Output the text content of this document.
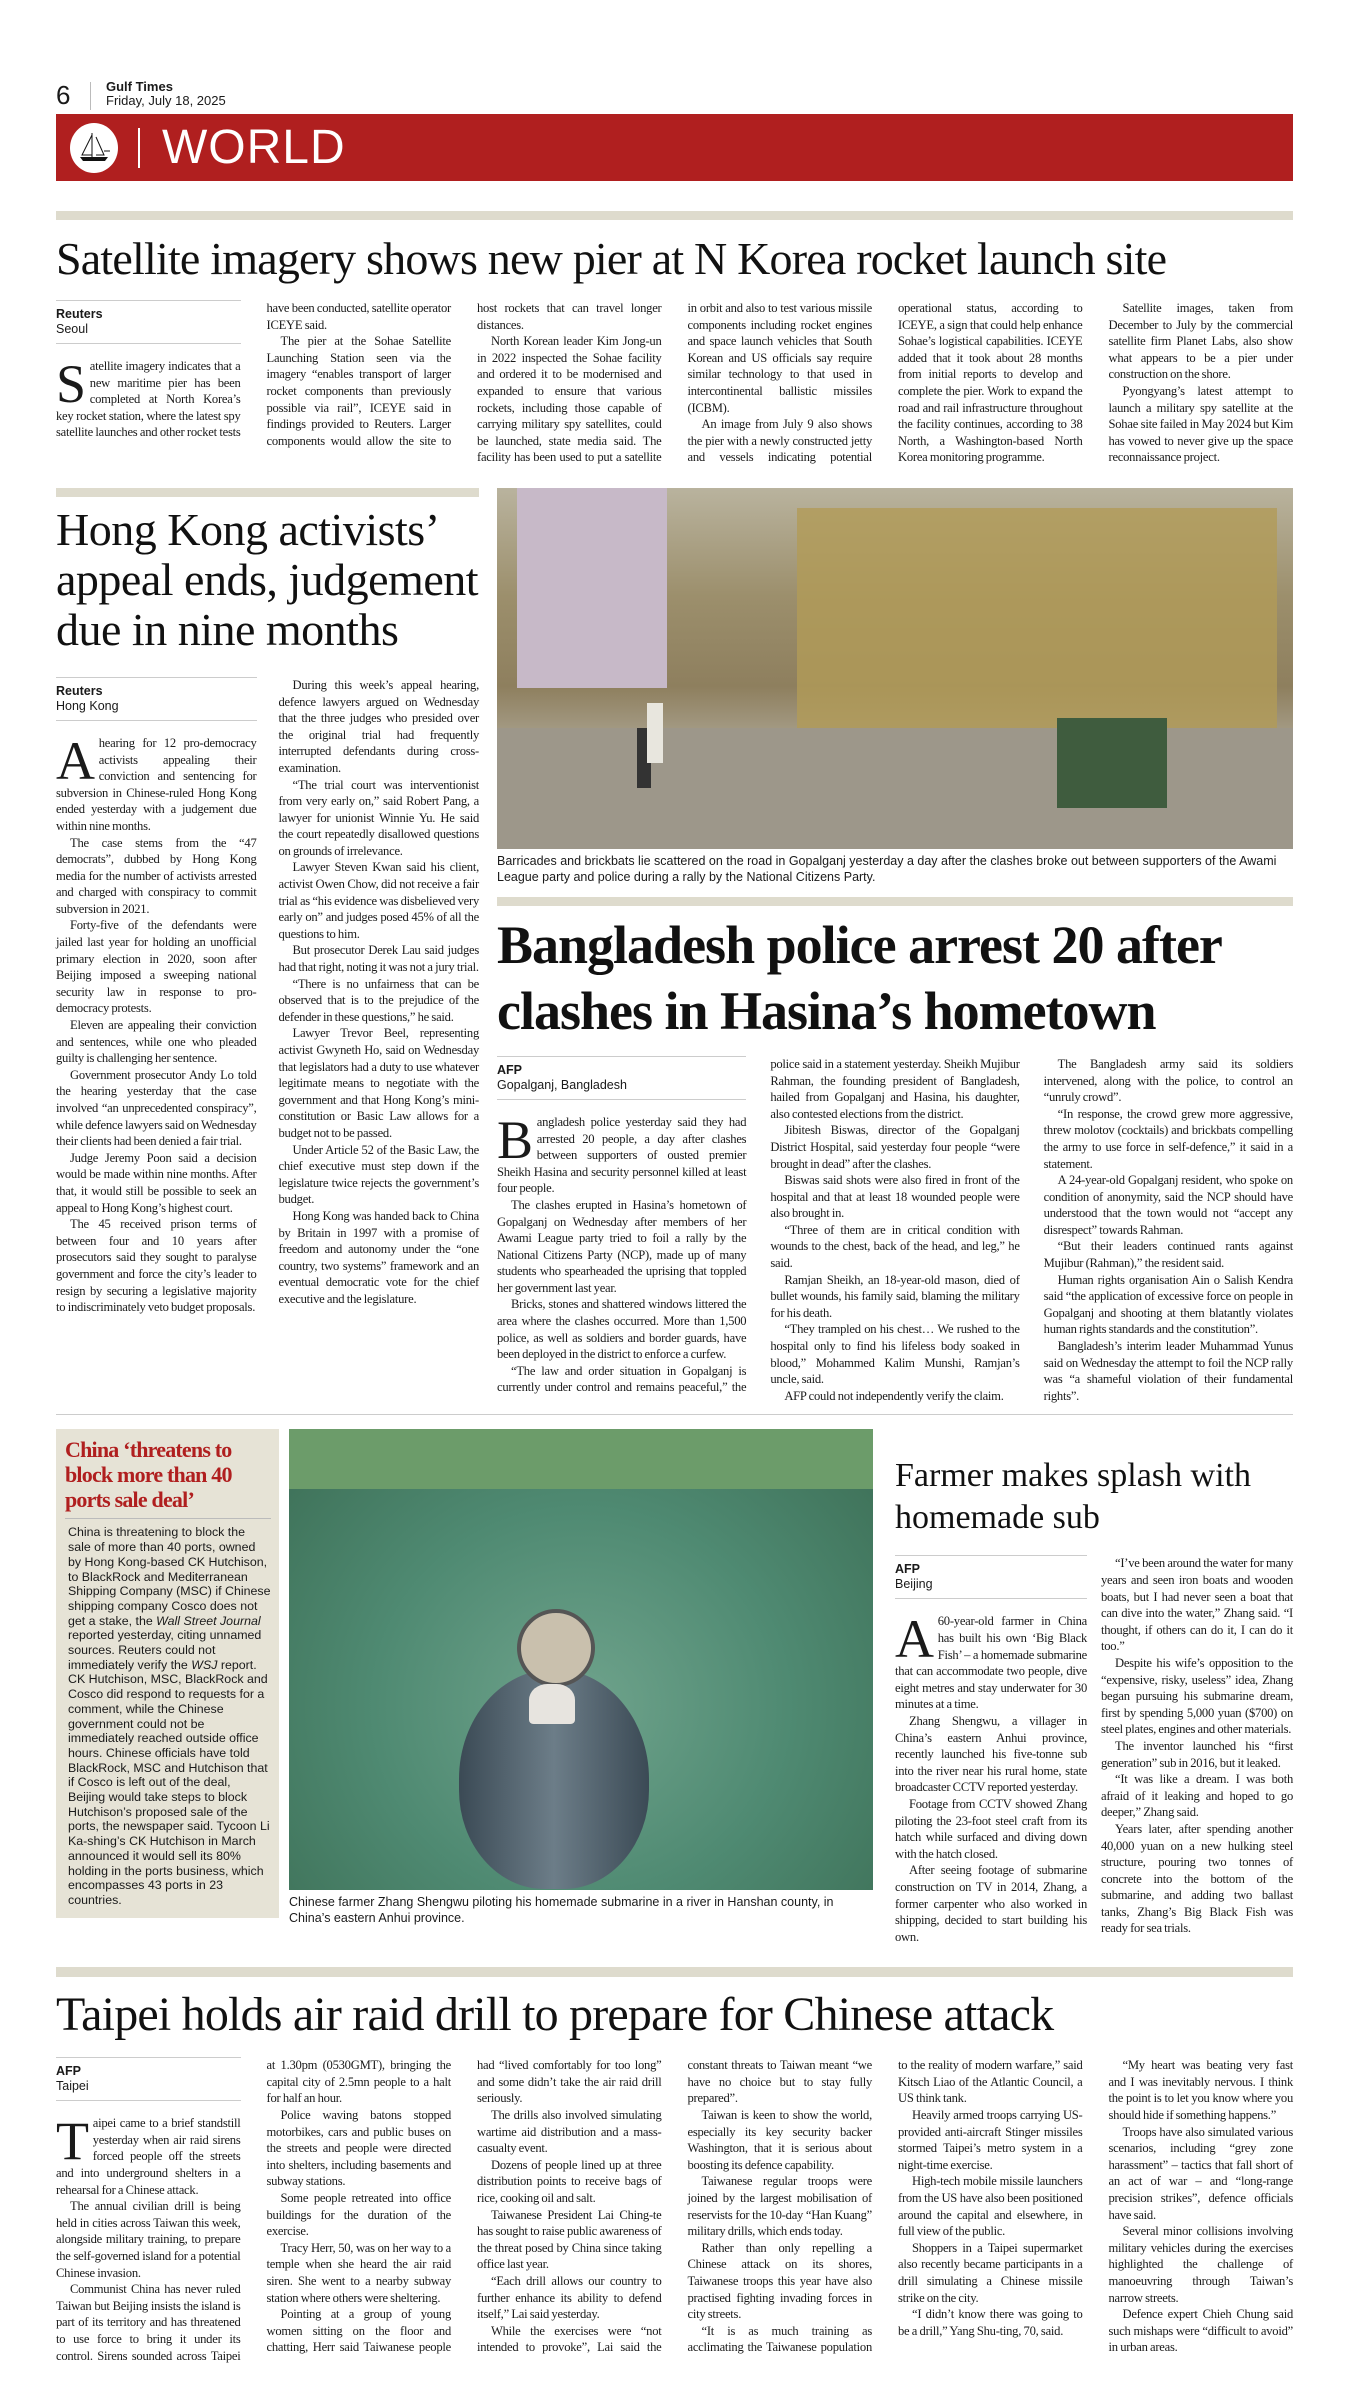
6	Gulf Times
Friday, July 18, 2025
WORLD
Satellite imagery shows new pier at N Korea rocket launch site
Reuters
Seoul

Satellite imagery indicates that a new maritime pier has been completed at North Korea’s key rocket station, where the latest spy satellite launches and other rocket tests have been conducted, satellite operator ICEYE said.

The pier at the Sohae Satellite Launching Station seen via the imagery “enables transport of larger rocket components than previously possible via rail”, ICEYE said in findings provided to Reuters. Larger components would allow the site to host rockets that can travel longer distances.

North Korean leader Kim Jong-un in 2022 inspected the Sohae facility and ordered it to be modernised and expanded to ensure that various rockets, including those capable of carrying military spy satellites, could be launched, state media said. The facility has been used to put a satellite in orbit and also to test various missile components including rocket engines and space launch vehicles that South Korean and US officials say require similar technology to that used in intercontinental ballistic missiles (ICBM).

An image from July 9 also shows the pier with a newly constructed jetty and vessels indicating potential operational status, according to ICEYE, a sign that could help enhance Sohae’s logistical capabilities. ICEYE added that it took about 28 months from initial reports to develop and complete the pier. Work to expand the road and rail infrastructure throughout the facility continues, according to 38 North, a Washington-based North Korea monitoring programme.

Satellite images, taken from December to July by the commercial satellite firm Planet Labs, also show what appears to be a pier under construction on the shore.

Pyongyang’s latest attempt to launch a military spy satellite at the Sohae site failed in May 2024 but Kim has vowed to never give up the space reconnaissance project.

Hong Kong activists’ appeal ends, judgement due in nine months
Reuters
Hong Kong

Ahearing for 12 pro-democracy activists appealing their conviction and sentencing for subversion in Chinese-ruled Hong Kong ended yesterday with a judgement due within nine months.

The case stems from the “47 democrats”, dubbed by Hong Kong media for the number of activists arrested and charged with conspiracy to commit subversion in 2021.

Forty-five of the defendants were jailed last year for holding an unofficial primary election in 2020, soon after Beijing imposed a sweeping national security law in response to pro-democracy protests.

Eleven are appealing their conviction and sentences, while one who pleaded guilty is challenging her sentence.

Government prosecutor Andy Lo told the hearing yesterday that the case involved “an unprecedented conspiracy”, while defence lawyers said on Wednesday their clients had been denied a fair trial.

Judge Jeremy Poon said a decision would be made within nine months. After that, it would still be possible to seek an appeal to Hong Kong’s highest court.

The 45 received prison terms of between four and 10 years after prosecutors said they sought to paralyse government and force the city’s leader to resign by securing a legislative majority to indiscriminately veto budget proposals.

During this week’s appeal hearing, defence lawyers argued on Wednesday that the three judges who presided over the original trial had frequently interrupted defendants during cross-examination.

“The trial court was interventionist from very early on,” said Robert Pang, a lawyer for unionist Winnie Yu. He said the court repeatedly disallowed questions on grounds of irrelevance.

Lawyer Steven Kwan said his client, activist Owen Chow, did not receive a fair trial as “his evidence was disbelieved very early on” and judges posed 45% of all the questions to him.

But prosecutor Derek Lau said judges had that right, noting it was not a jury trial.

“There is no unfairness that can be observed that is to the prejudice of the defender in these questions,” he said.

Lawyer Trevor Beel, representing activist Gwyneth Ho, said on Wednesday that legislators had a duty to use whatever legitimate means to negotiate with the government and that Hong Kong’s mini-constitution or Basic Law allows for a budget not to be passed.

Under Article 52 of the Basic Law, the chief executive must step down if the legislature twice rejects the government’s budget.

Hong Kong was handed back to China by Britain in 1997 with a promise of freedom and autonomy under the “one country, two systems” framework and an eventual democratic vote for the chief executive and the legislature.

Barricades and brickbats lie scattered on the road in Gopalganj yesterday a day after the clashes broke out between supporters of the Awami League party and police during a rally by the National Citizens Party.
Bangladesh police arrest 20 after clashes in Hasina’s hometown
AFP
Gopalganj, Bangladesh

Bangladesh police yesterday said they had arrested 20 people, a day after clashes between supporters of ousted premier Sheikh Hasina and security personnel killed at least four people.

The clashes erupted in Hasina’s hometown of Gopalganj on Wednesday after members of her Awami League party tried to foil a rally by the National Citizens Party (NCP), made up of many students who spearheaded the uprising that toppled her government last year.

Bricks, stones and shattered windows littered the area where the clashes occurred. More than 1,500 police, as well as soldiers and border guards, have been deployed in the district to enforce a curfew.

“The law and order situation in Gopalganj is currently under control and remains peaceful,” the police said in a statement yesterday. Sheikh Mujibur Rahman, the founding president of Bangladesh, hailed from Gopalganj and Hasina, his daughter, also contested elections from the district.

Jibitesh Biswas, director of the Gopalganj District Hospital, said yesterday four people “were brought in dead” after the clashes.

Biswas said shots were also fired in front of the hospital and that at least 18 wounded people were also brought in.

“Three of them are in critical condition with wounds to the chest, back of the head, and leg,” he said.

Ramjan Sheikh, an 18-year-old mason, died of bullet wounds, his family said, blaming the military for his death.

“They trampled on his chest… We rushed to the hospital only to find his lifeless body soaked in blood,” Mohammed Kalim Munshi, Ramjan’s uncle, said.

AFP could not independently verify the claim.

The Bangladesh army said its soldiers intervened, along with the police, to control an “unruly crowd”.

“In response, the crowd grew more aggressive, threw molotov (cocktails) and brickbats compelling the army to use force in self-defence,” it said in a statement.

A 24-year-old Gopalganj resident, who spoke on condition of anonymity, said the NCP should have understood that the town would not “accept any disrespect” towards Rahman.

“But their leaders continued rants against Mujibur (Rahman),” the resident said.

Human rights organisation Ain o Salish Kendra said “the application of excessive force on people in Gopalganj and shooting at them blatantly violates human rights standards and the constitution”.

Bangladesh’s interim leader Muhammad Yunus said on Wednesday the attempt to foil the NCP rally was “a shameful violation of their fundamental rights”.

China ‘threatens to block more than 40 ports sale deal’
China is threatening to block the sale of more than 40 ports, owned by Hong Kong-based CK Hutchison, to BlackRock and Mediterranean Shipping Company (MSC) if Chinese shipping company Cosco does not get a stake, the Wall Street Journal reported yesterday, citing unnamed sources. Reuters could not immediately verify the WSJ report. CK Hutchison, MSC, BlackRock and Cosco did respond to requests for a comment, while the Chinese government could not be immediately reached outside office hours. Chinese officials have told BlackRock, MSC and Hutchison that if Cosco is left out of the deal, Beijing would take steps to block Hutchison’s proposed sale of the ports, the newspaper said. Tycoon Li Ka-shing’s CK Hutchison in March announced it would sell its 80% holding in the ports business, which encompasses 43 ports in 23 countries.	Chinese farmer Zhang Shengwu piloting his homemade submarine in a river in Hanshan county, in China’s eastern Anhui province.
Farmer makes splash with homemade sub
AFP
Beijing

A60-year-old farmer in China has built his own ‘Big Black Fish’ – a homemade submarine that can accommodate two people, dive eight metres and stay underwater for 30 minutes at a time.

Zhang Shengwu, a villager in China’s eastern Anhui province, recently launched his five-tonne sub into the river near his rural home, state broadcaster CCTV reported yesterday.

Footage from CCTV showed Zhang piloting the 23-foot steel craft from its hatch while surfaced and diving down with the hatch closed.

After seeing footage of submarine construction on TV in 2014, Zhang, a former carpenter who also worked in shipping, decided to start building his own.

“I’ve been around the water for many years and seen iron boats and wooden boats, but I had never seen a boat that can dive into the water,” Zhang said. “I thought, if others can do it, I can do it too.”

Despite his wife’s opposition to the “expensive, risky, useless” idea, Zhang began pursuing his submarine dream, first by spending 5,000 yuan ($700) on steel plates, engines and other materials.

The inventor launched his “first generation” sub in 2016, but it leaked.

“It was like a dream. I was both afraid of it leaking and hoped to go deeper,” Zhang said.

Years later, after spending another 40,000 yuan on a new hulking steel structure, pouring two tonnes of concrete into the bottom of the submarine, and adding two ballast tanks, Zhang’s Big Black Fish was ready for sea trials.

Taipei holds air raid drill to prepare for Chinese attack
AFP
Taipei

Taipei came to a brief standstill yesterday when air raid sirens forced people off the streets and into underground shelters in a rehearsal for a Chinese attack.

The annual civilian drill is being held in cities across Taiwan this week, alongside military training, to prepare the self-governed island for a potential Chinese invasion.

Communist China has never ruled Taiwan but Beijing insists the island is part of its territory and has threatened to use force to bring it under its control. Sirens sounded across Taipei at 1.30pm (0530GMT), bringing the capital city of 2.5mn people to a halt for half an hour.

Police waving batons stopped motorbikes, cars and public buses on the streets and people were directed into shelters, including basements and subway stations.

Some people retreated into office buildings for the duration of the exercise.

Tracy Herr, 50, was on her way to a temple when she heard the air raid siren. She went to a nearby subway station where others were sheltering.

Pointing at a group of young women sitting on the floor and chatting, Herr said Taiwanese people had “lived comfortably for too long” and some didn’t take the air raid drill seriously.

The drills also involved simulating wartime aid distribution and a mass-casualty event.

Dozens of people lined up at three distribution points to receive bags of rice, cooking oil and salt.

Taiwanese President Lai Ching-te has sought to raise public awareness of the threat posed by China since taking office last year.

“Each drill allows our country to further enhance its ability to defend itself,” Lai said yesterday.

While the exercises were “not intended to provoke”, Lai said the constant threats to Taiwan meant “we have no choice but to stay fully prepared”.

Taiwan is keen to show the world, especially its key security backer Washington, that it is serious about boosting its defence capability.

Taiwanese regular troops were joined by the largest mobilisation of reservists for the 10-day “Han Kuang” military drills, which ends today.

Rather than only repelling a Chinese attack on its shores, Taiwanese troops this year have also practised fighting invading forces in city streets.

“It is as much training as acclimating the Taiwanese population to the reality of modern warfare,” said Kitsch Liao of the Atlantic Council, a US think tank.

Heavily armed troops carrying US-provided anti-aircraft Stinger missiles stormed Taipei’s metro system in a night-time exercise.

High-tech mobile missile launchers from the US have also been positioned around the capital and elsewhere, in full view of the public.

Shoppers in a Taipei supermarket also recently became participants in a drill simulating a Chinese missile strike on the city.

“I didn’t know there was going to be a drill,” Yang Shu-ting, 70, said.

“My heart was beating very fast and I was inevitably nervous. I think the point is to let you know where you should hide if something happens.”

Troops have also simulated various scenarios, including “grey zone harassment” – tactics that fall short of an act of war – and “long-range precision strikes”, defence officials have said.

Several minor collisions involving military vehicles during the exercises highlighted the challenge of manoeuvring through Taiwan’s narrow streets.

Defence expert Chieh Chung said such mishaps were “difficult to avoid” in urban areas.
